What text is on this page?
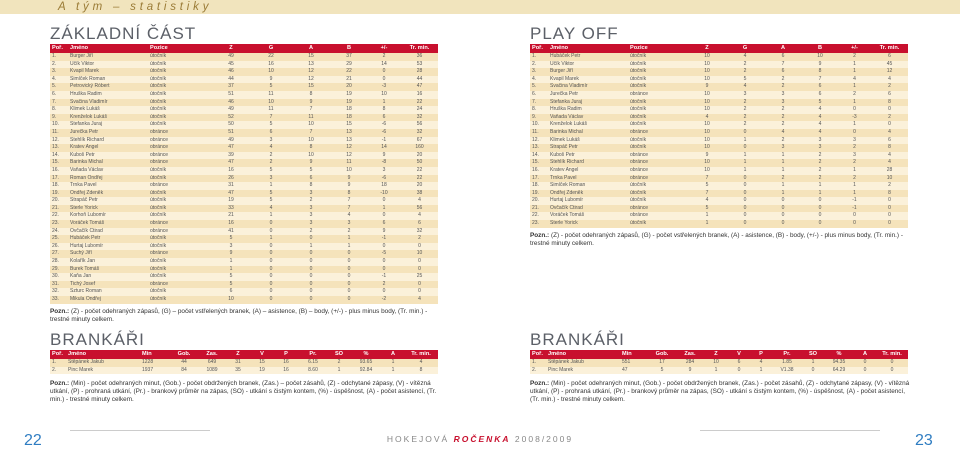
A tým – statistiky
ZÁKLADNÍ ČÁST
Poř.	Jméno	Pozice	Z	G	A	B	+/-	Tr. min.
1.	Burger Jiří	útočník	49	22	15	37	2	36
2.	Učík Viktor	útočník	45	16	13	29	14	53
3.	Kvapil Marek	útočník	46	10	12	22	0	28
4.	Šimíček Roman	útočník	44	9	12	21	0	44
5.	Petrovický Róbert	útočník	37	5	15	20	-3	47
6.	Hruška Radim	útočník	51	11	8	19	10	16
7.	Svačina Vladimír	útočník	46	10	9	19	1	22
8.	Klimek Lukáš	útočník	49	11	7	18	8	24
9.	Krenželok Lukáš	útočník	52	7	11	18	6	32
10.	Štefanka Juraj	útočník	50	5	10	15	-6	56
11.	Jurečka Petr	obránce	51	6	7	13	-6	32
12.	Stehlík Richard	obránce	49	3	10	13	-1	67
13.	Kratev Angel	obránce	47	4	8	12	14	160
14.	Kuboš Petr	obránce	39	2	10	12	9	20
15.	Barinka Michal	obránce	47	2	9	11	-8	50
16.	Vaňada Václav	útočník	16	5	5	10	3	22
17.	Roman Ondřej	útočník	26	3	6	9	-6	22
18.	Trnka Pavel	obránce	31	1	8	9	18	20
19.	Ondřej Zdeněk	útočník	47	5	3	8	-10	38
20.	Strapáč Petr	útočník	19	5	2	7	0	4
21.	Sterle Yorick	útočník	33	4	3	7	1	56
22.	Korhoň Lubomír	útočník	21	1	3	4	0	4
23.	Voráček Tomáš	obránce	16	0	3	3	6	6
24.	Ovčačík Ctirad	obránce	41	0	2	2	9	32
25.	Hubáček Petr	útočník	5	1	0	1	-1	2
26.	Hurtaj Lubomír	útočník	3	0	1	1	0	0
27.	Suchý Jiří	obránce	9	0	0	0	-5	10
28.	Kolařík Jan	útočník	1	0	0	0	0	0
29.	Burek Tomáš	útočník	1	0	0	0	0	0
30.	Kaňa Jan	útočník	5	0	0	0	-1	25
31.	Tichý Josef	obránce	5	0	0	0	2	0
32.	Szturc Roman	útočník	6	0	0	0	0	0
33.	Mikula Ondřej	útočník	10	0	0	0	-2	4
Pozn.: (Z) - počet odehraných zápasů, (G) – počet vstřelených branek, (A) – asistence, (B) – body, (+/-) - plus minus body, (Tr. min.) - trestné minuty celkem.
BRANKÁŘI
Poř.	Jméno	Min	Gob.	Zas.	Z	V	P	Pr.	SO	%	A	Tr. min.
1.	Štěpánek Jakub	1228	44	649	31	15	16	6.15	2	93.65	1	4
2.	Pinc Marek	1937	84	1089	35	19	16	8.60	1	92.84	1	8
Pozn.: (Min) - počet odehraných minut, (Gob.) - počet obdržených branek, (Zas.) – počet zásahů, (Z) - odchytané zápasy, (V) - vítězná utkání, (P) - prohraná utkání, (Pr.) - brankový průměr na zápas, (SO) - utkání s čistým kontem, (%) - úspěšnost, (A) - počet asistencí, (Tr. min.) - trestné minuty celkem.
22
PLAY OFF
Poř.	Jméno	Pozice	Z	G	A	B	+/-	Tr. min.
1.	Hubáček Petr	útočník	10	4	6	10	2	6
2.	Učík Viktor	útočník	10	2	7	9	1	45
3.	Burger Jiří	útočník	10	2	6	8	1	12
4.	Kvapil Marek	útočník	10	5	2	7	4	4
5.	Svačina Vladimír	útočník	9	4	2	6	1	2
6.	Jurečka Petr	obránce	10	3	3	6	2	6
7.	Štefanka Juraj	útočník	10	2	3	5	1	8
8.	Hruška Radim	útočník	10	2	2	4	0	0
9.	Vaňada Václav	útočník	4	2	2	4	-3	2
10.	Krenželok Lukáš	útočník	10	2	2	4	1	0
11.	Barinka Michal	obránce	10	0	4	4	0	4
12.	Klimek Lukáš	útočník	10	1	2	3	3	6
13.	Strapáč Petr	útočník	10	0	3	3	2	8
14.	Kuboš Petr	obránce	9	1	1	2	3	4
15.	Stehlík Richard	obránce	10	1	1	2	2	4
16.	Kratev Angel	obránce	10	1	1	2	1	28
17.	Trnka Pavel	obránce	7	0	2	2	2	10
18.	Šimíček Roman	útočník	5	0	1	1	1	2
19.	Ondřej Zdeněk	útočník	7	0	1	1	1	8
20.	Hurtaj Lubomír	útočník	4	0	0	0	-1	0
21.	Ovčačík Ctirad	obránce	5	0	0	0	-1	0
22.	Voráček Tomáš	obránce	1	0	0	0	0	0
23.	Sterle Yorick	útočník	1	0	0	0	0	0
Pozn.: (Z) - počet odehraných zápasů, (G) - počet vstřelených branek, (A) - asistence, (B) - body, (+/-) - plus minus body, (Tr. min.) - trestné minuty celkem.
BRANKÁŘI
Poř.	Jméno	Min	Gob.	Zas.	Z	V	P	Pr.	SO	%	A	Tr. min.
1.	Štěpánek Jakub	551	17	284	10	6	4	1.85	1	94.35	0	0
2.	Pinc Marek	47	5	9	1	0	1	V1.38	0	64.29	0	0
Pozn.: (Min) - počet odehraných minut, (Gob.) - počet obdržených branek, (Zas.) - počet zásahů, (Z) - odchytané zápasy, (V) - vítězná utkání, (P) - prohraná utkání, (Pr.) - brankový průměr na zápas, (SO) - utkání s čistým kontem, (%) - úspěšnost, (A) - počet asistencí, (Tr. min.) - trestné minuty celkem.
23
HOKEJOVÁ ROČENKA 2008/2009
